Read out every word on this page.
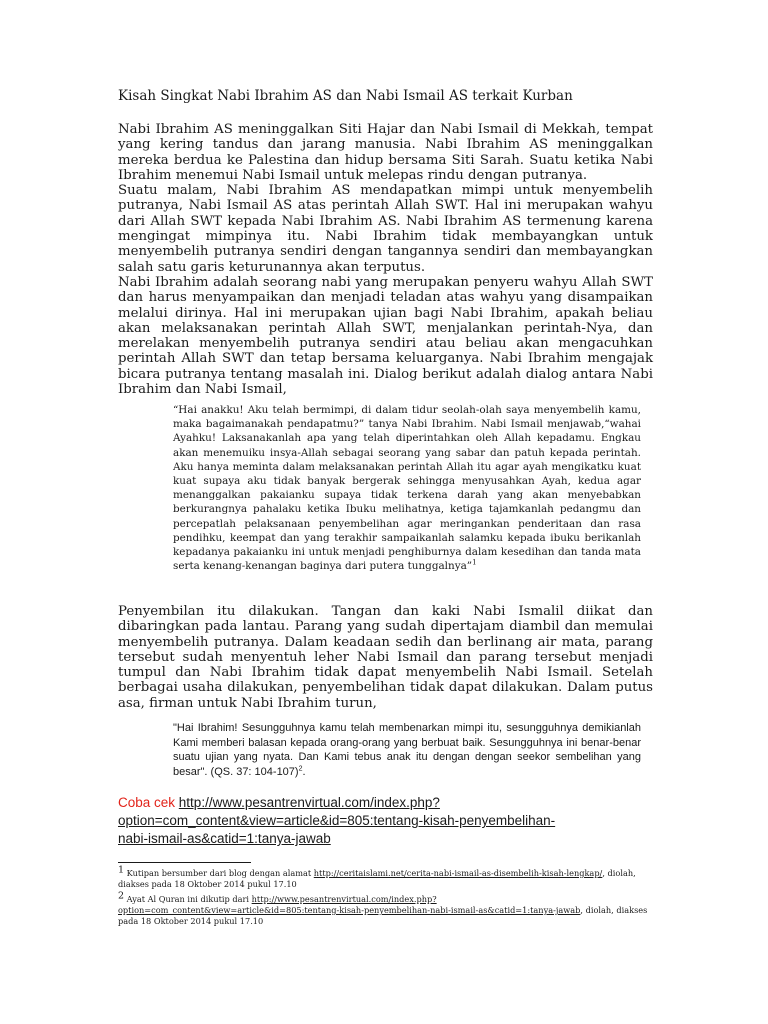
Kisah Singkat Nabi Ibrahim AS dan Nabi Ismail AS terkait Kurban

Nabi Ibrahim AS meninggalkan Siti Hajar dan Nabi Ismail di Mekkah, tempat yang kering tandus dan jarang manusia. Nabi Ibrahim AS meninggalkan mereka berdua ke Palestina dan hidup bersama Siti Sarah. Suatu ketika Nabi Ibrahim menemui Nabi Ismail untuk melepas rindu dengan putranya.

Suatu malam, Nabi Ibrahim AS mendapatkan mimpi untuk menyembelih putranya, Nabi Ismail AS atas perintah Allah SWT. Hal ini merupakan wahyu dari Allah SWT kepada Nabi Ibrahim AS. Nabi Ibrahim AS termenung karena mengingat mimpinya itu. Nabi Ibrahim tidak membayangkan untuk menyembelih putranya sendiri dengan tangannya sendiri dan membayangkan salah satu garis keturunannya akan terputus.

Nabi Ibrahim adalah seorang nabi yang merupakan penyeru wahyu Allah SWT dan harus menyampaikan dan menjadi teladan atas wahyu yang disampaikan melalui dirinya. Hal ini merupakan ujian bagi Nabi Ibrahim, apakah beliau akan melaksanakan perintah Allah SWT, menjalankan perintah-Nya, dan merelakan menyembelih putranya sendiri atau beliau akan mengacuhkan perintah Allah SWT dan tetap bersama keluarganya. Nabi Ibrahim mengajak bicara putranya tentang masalah ini. Dialog berikut adalah dialog antara Nabi Ibrahim dan Nabi Ismail,

“Hai anakku! Aku telah bermimpi, di dalam tidur seolah-olah saya menyembelih kamu, maka bagaimanakah pendapatmu?” tanya Nabi Ibrahim. Nabi Ismail menjawab,“wahai Ayahku! Laksanakanlah apa yang telah diperintahkan oleh Allah kepadamu. Engkau akan menemuiku insya-Allah sebagai seorang yang sabar dan patuh kepada perintah. Aku hanya meminta dalam melaksanakan perintah Allah itu agar ayah mengikatku kuat kuat supaya aku tidak banyak bergerak sehingga menyusahkan Ayah, kedua agar menanggalkan pakaianku supaya tidak terkena darah yang akan menyebabkan berkurangnya pahalaku ketika Ibuku melihatnya, ketiga tajamkanlah pedangmu dan percepatlah pelaksanaan penyembelihan agar meringankan penderitaan dan rasa pendihku, keempat dan yang terakhir sampaikanlah salamku kepada ibuku berikanlah kepadanya pakaianku ini untuk menjadi penghiburnya dalam kesedihan dan tanda mata serta kenang-kenangan baginya dari putera tunggalnya”$^1$

Penyembilan itu dilakukan. Tangan dan kaki Nabi Ismalil diikat dan dibaringkan pada lantau. Parang yang sudah dipertajam diambil dan memulai menyembelih putranya. Dalam keadaan sedih dan berlinang air mata, parang tersebut sudah menyentuh leher Nabi Ismail dan parang tersebut menjadi tumpul dan Nabi Ibrahim tidak dapat menyembelih Nabi Ismail. Setelah berbagai usaha dilakukan, penyembelihan tidak dapat dilakukan. Dalam putus asa, firman untuk Nabi Ibrahim turun,

"Hai Ibrahim! Sesungguhnya kamu telah membenarkan mimpi itu, sesungguhnya demikianlah Kami memberi balasan kepada orang-orang yang berbuat baik. Sesungguhnya ini benar-benar suatu ujian yang nyata. Dan Kami tebus anak itu dengan dengan seekor sembelihan yang besar". (QS. 37: 104-107)$^2$.

Coba cek http://www.pesantrenvirtual.com/index.php?
option=com_content&view=article&id=805:tentang-kisah-penyembelihan-
nabi-ismail-as&catid=1:tanya-jawab
1 Kutipan bersumber dari blog dengan alamat http://ceritaislami.net/cerita-nabi-ismail-as-disembelih-kisah-lengkap/, diolah, diakses pada 18 Oktober 2014 pukul 17.10
2 Ayat Al Quran ini dikutip dari http://www.pesantrenvirtual.com/index.php?option=com_content&view=article&id=805:tentang-kisah-penyembelihan-nabi-ismail-as&catid=1:tanya-jawab, diolah, diakses pada 18 Oktober 2014 pukul 17.10
